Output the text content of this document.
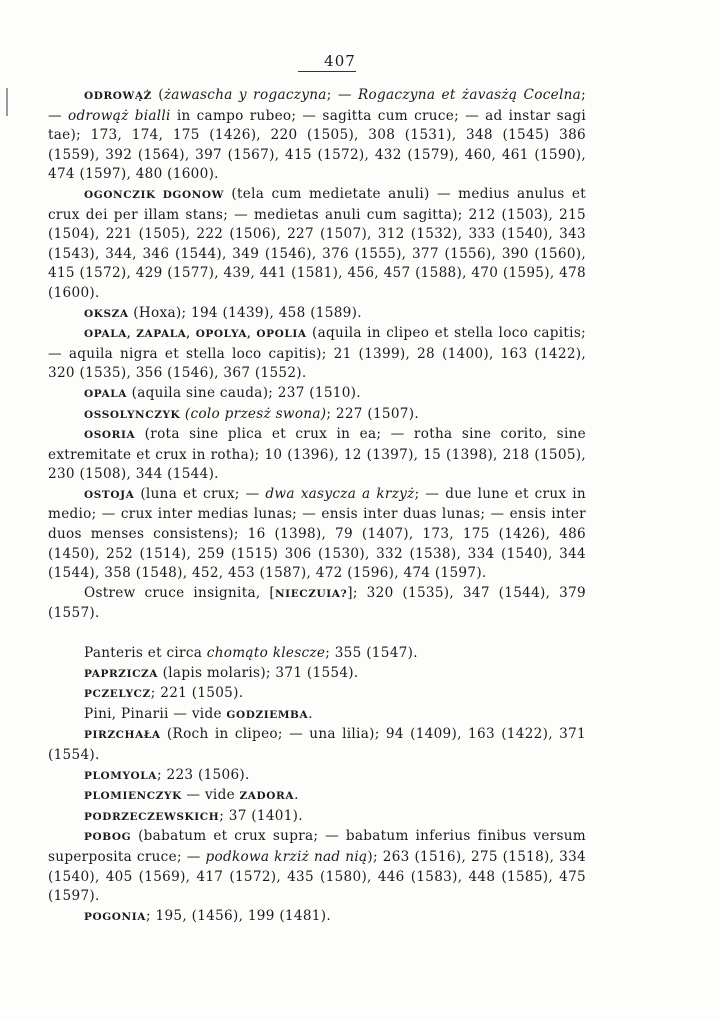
407

ODROWĄŻ (żawascha y rogaczyna; — Rogaczyna et żavasżą Cocelna; — odrowąż bialli in campo rubeo; — sagitta cum cruce; — ad instar sagi tae); 173, 174, 175 (1426), 220 (1505), 308 (1531), 348 (1545) 386 (1559), 392 (1564), 397 (1567), 415 (1572), 432 (1579), 460, 461 (1590), 474 (1597), 480 (1600).

OGONCZIK DGONOW (tela cum medietate anuli) — medius anulus et crux dei per illam stans; — medietas anuli cum sagitta); 212 (1503), 215 (1504), 221 (1505), 222 (1506), 227 (1507), 312 (1532), 333 (1540), 343 (1543), 344, 346 (1544), 349 (1546), 376 (1555), 377 (1556), 390 (1560), 415 (1572), 429 (1577), 439, 441 (1581), 456, 457 (1588), 470 (1595), 478 (1600).

OKSZA (Hoxa); 194 (1439), 458 (1589).

OPALA, ZAPALA, OPOLYA, OPOLIA (aquila in clipeo et stella loco capitis; — aquila nigra et stella loco capitis); 21 (1399), 28 (1400), 163 (1422), 320 (1535), 356 (1546), 367 (1552).

OPALA (aquila sine cauda); 237 (1510).

OSSOLYNCZYK (colo przesż swona); 227 (1507).

OSORIA (rota sine plica et crux in ea; — rotha sine corito, sine extremitate et crux in rotha); 10 (1396), 12 (1397), 15 (1398), 218 (1505), 230 (1508), 344 (1544).

OSTOJA (luna et crux; — dwa xasycza a krzyż; — due lune et crux in medio; — crux inter medias lunas; — ensis inter duas lunas; — ensis inter duos menses consistens); 16 (1398), 79 (1407), 173, 175 (1426), 486 (1450), 252 (1514), 259 (1515) 306 (1530), 332 (1538), 334 (1540), 344 (1544), 358 (1548), 452, 453 (1587), 472 (1596), 474 (1597).

Ostrew cruce insignita, [NIECZUIA?]; 320 (1535), 347 (1544), 379 (1557).

Panteris et circa chomąto klescze; 355 (1547).

PAPRZICZA (lapis molaris); 371 (1554).

PCZELYCZ; 221 (1505).

Pini, Pinarii — vide GODZIEMBA.

PIRZCHAŁA (Roch in clipeo; — una lilia); 94 (1409), 163 (1422), 371 (1554).

PLOMYOLA; 223 (1506).

PLOMIENCZYK — vide ZADORA.

PODRZECZEWSKICH; 37 (1401).

POBOG (babatum et crux supra; — babatum inferius finibus versum superposita cruce; — podkowa krziż nad nią); 263 (1516), 275 (1518), 334 (1540), 405 (1569), 417 (1572), 435 (1580), 446 (1583), 448 (1585), 475 (1597).

POGONIA; 195, (1456), 199 (1481).
